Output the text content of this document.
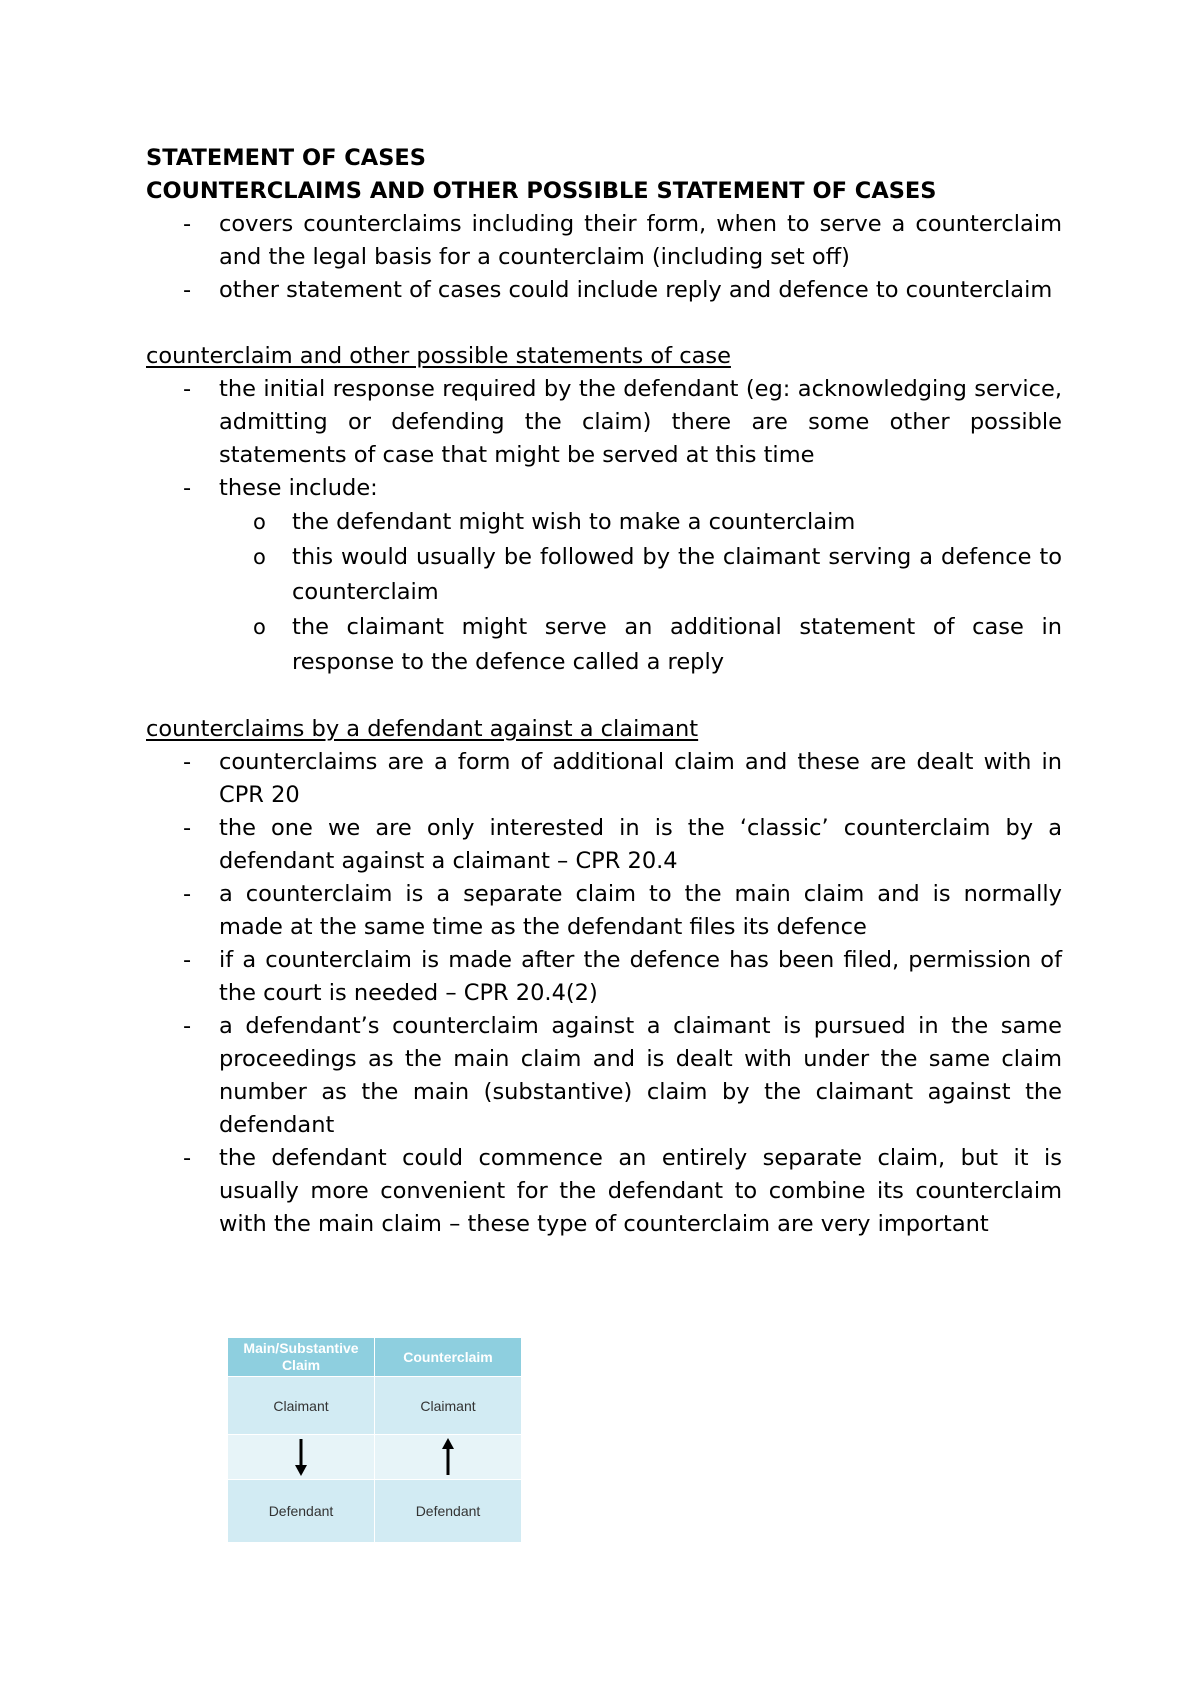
STATEMENT OF CASES

COUNTERCLAIMS AND OTHER POSSIBLE STATEMENT OF CASES

- covers counterclaims including their form, when to serve a counterclaim and the legal basis for a counterclaim (including set off)
- other statement of cases could include reply and defence to counterclaim

counterclaim and other possible statements of case

- the initial response required by the defendant (eg: acknowledging service, admitting or defending the claim) there are some other possible statements of case that might be served at this time
- these include:
o the defendant might wish to make a counterclaim
o this would usually be followed by the claimant serving a defence to counterclaim
o the claimant might serve an additional statement of case in response to the defence called a reply

counterclaims by a defendant against a claimant

- counterclaims are a form of additional claim and these are dealt with in CPR 20
- the one we are only interested in is the ‘classic’ counterclaim by a defendant against a claimant – CPR 20.4
- a counterclaim is a separate claim to the main claim and is normally made at the same time as the defendant files its defence
- if a counterclaim is made after the defence has been filed, permission of the court is needed – CPR 20.4(2)
- a defendant’s counterclaim against a claimant is pursued in the same proceedings as the main claim and is dealt with under the same claim number as the main (substantive) claim by the claimant against the defendant
- the defendant could commence an entirely separate claim, but it is usually more convenient for the defendant to combine its counterclaim with the main claim – these type of counterclaim are very important
Main/Substantive Claim	Counterclaim
Claimant	Claimant

Defendant	Defendant
